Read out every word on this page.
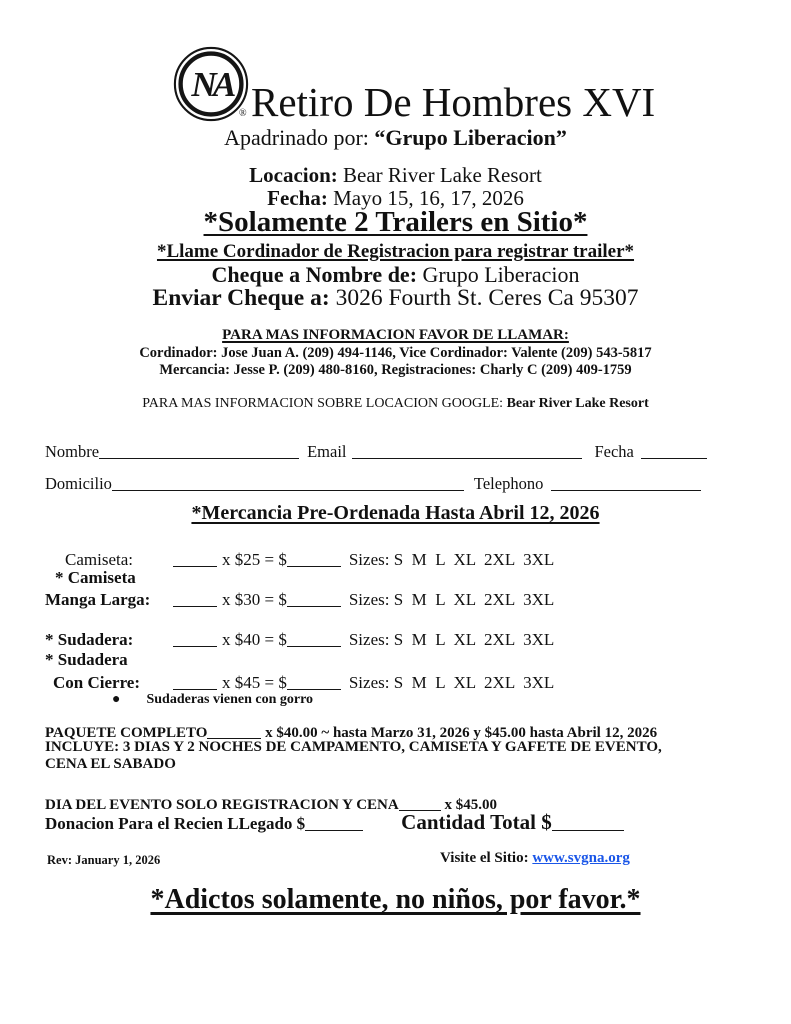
NA
® Retiro De Hombres XVI
Apadrinado por: “Grupo Liberacion”
Locacion: Bear River Lake Resort
Fecha: Mayo 15, 16, 17, 2026
*Solamente 2 Trailers en Sitio*
*Llame Cordinador de Registracion para registrar trailer*
Cheque a Nombre de: Grupo Liberacion
Enviar Cheque a: 3026 Fourth St. Ceres Ca 95307
PARA MAS INFORMACION FAVOR DE LLAMAR:
Cordinador: Jose Juan A. (209) 494-1146, Vice Cordinador: Valente (209) 543-5817
Mercancia: Jesse P. (209) 480-8160, Registraciones: Charly C (209) 409-1759
PARA MAS INFORMACION SOBRE LOCACION GOOGLE: Bear River Lake Resort
Nombre	Email	Fecha
Domicilio	Telephono
*Mercancia Pre-Ordenada Hasta Abril 12, 2026
Camiseta:	x $25 = $	Sizes: S  M  L  XL  2XL  3XL
* Camiseta
Manga Larga:	x $30 = $	Sizes: S  M  L  XL  2XL  3XL
* Sudadera:	x $40 = $	Sizes: S  M  L  XL  2XL  3XL
* Sudadera
Con Cierre:	x $45 = $	Sizes: S  M  L  XL  2XL  3XL
● Sudaderas vienen con gorro
PAQUETE COMPLETO	x $40.00 ~ hasta Marzo 31, 2026 y $45.00 hasta Abril 12, 2026
INCLUYE: 3 DIAS Y 2 NOCHES DE CAMPAMENTO, CAMISETA Y GAFETE DE EVENTO,
CENA EL SABADO
DIA DEL EVENTO SOLO REGISTRACION Y CENA	x $45.00
Donacion Para el Recien LLegado $	Cantidad Total $
Rev: January 1, 2026	Visite el Sitio: www.svgna.org
*Adictos solamente, no niños, por favor.*
